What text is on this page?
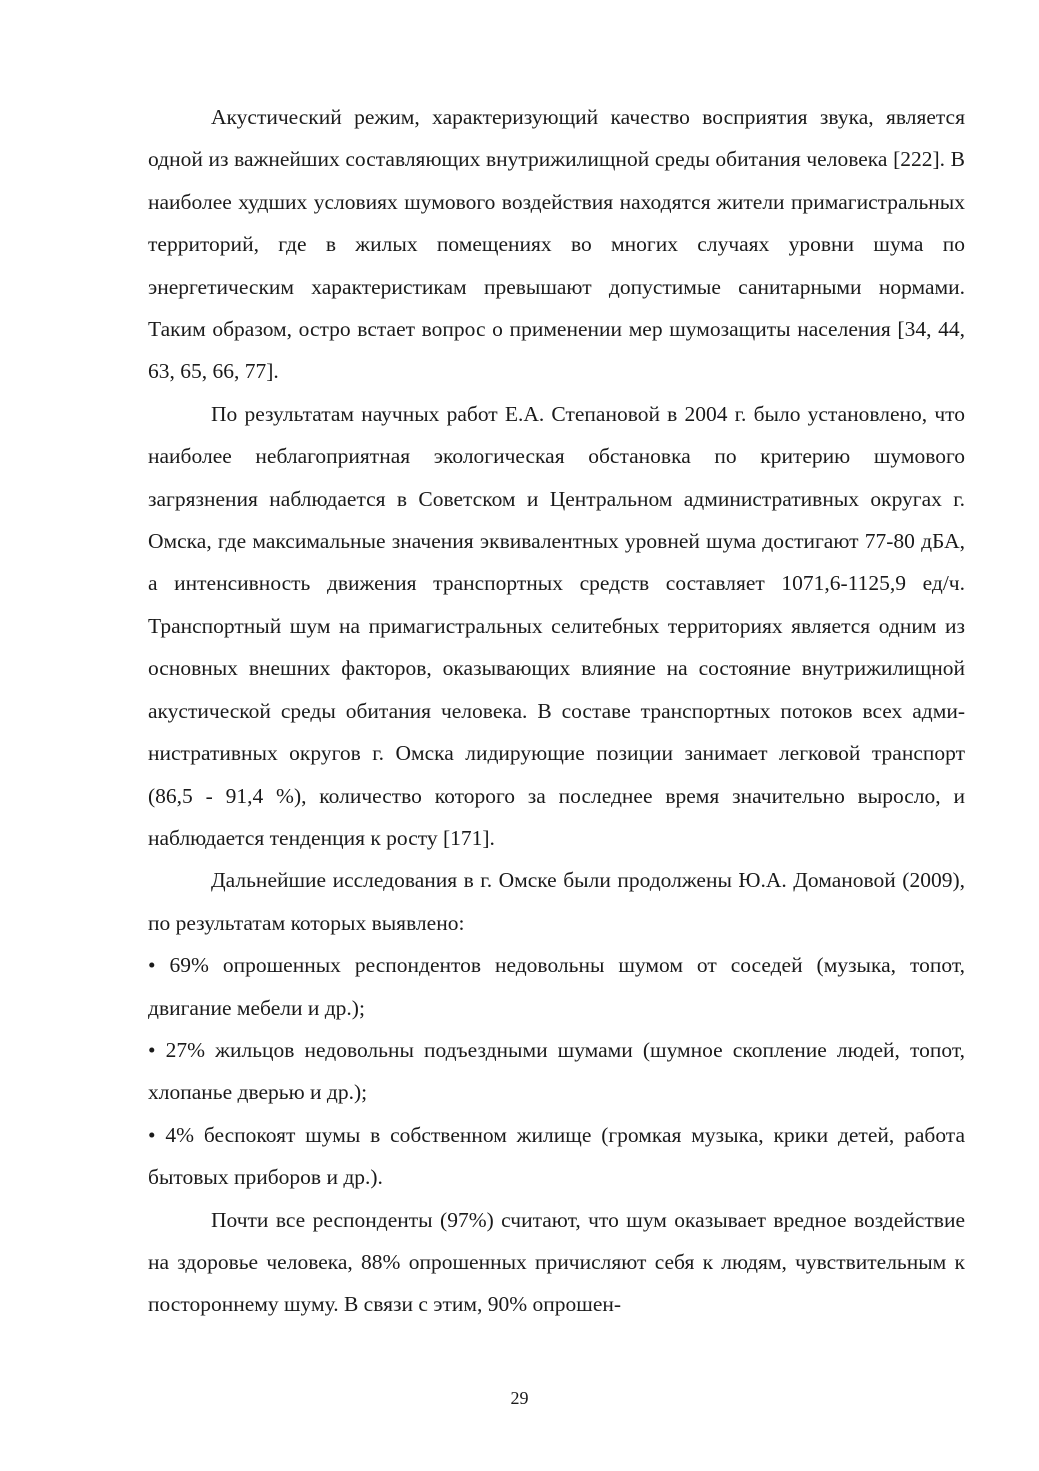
Акустический режим, характеризующий качество восприятия звука, является одной из важнейших составляющих внутрижилищной среды обитания человека [222]. В наиболее худших условиях шумового воздействия находятся жители примагистральных территорий, где в жилых помещениях во многих случаях уровни шума по энергетическим характеристикам превышают допустимые санитарными нормами. Таким образом, остро встает вопрос о применении мер шумозащиты населения [34, 44, 63, 65, 66, 77].

По результатам научных работ Е.А. Степановой в 2004 г. было установлено, что наиболее неблагоприятная экологическая обстановка по критерию шумового загрязнения наблюдается в Советском и Центральном административных округах г. Омска, где максимальные значения эквивалентных уровней шума достигают 77-80 дБА, а интенсивность движения транспортных средств составляет 1071,6-1125,9 ед/ч. Транспортный шум на примагистральных селитебных территориях является одним из основных внешних факторов, оказывающих влияние на состояние внутрижилищной акустической среды обитания человека. В составе транспортных потоков всех административных округов г. Омска лидирующие позиции занимает легковой транспорт (86,5 - 91,4 %), количество которого за последнее время значительно выросло, и наблюдается тенденция к росту [171].

Дальнейшие исследования в г. Омске были продолжены Ю.А. Домановой (2009), по результатам которых выявлено:

• 69% опрошенных респондентов недовольны шумом от соседей (музыка, топот, двигание мебели и др.);

• 27% жильцов недовольны подъездными шумами (шумное скопление людей, топот, хлопанье дверью и др.);

• 4% беспокоят шумы в собственном жилище (громкая музыка, крики детей, работа бытовых приборов и др.).

Почти все респонденты (97%) считают, что шум оказывает вредное воздействие на здоровье человека, 88% опрошенных причисляют себя к людям, чувствительным к постороннему шуму. В связи с этим, 90% опрошен-

29
